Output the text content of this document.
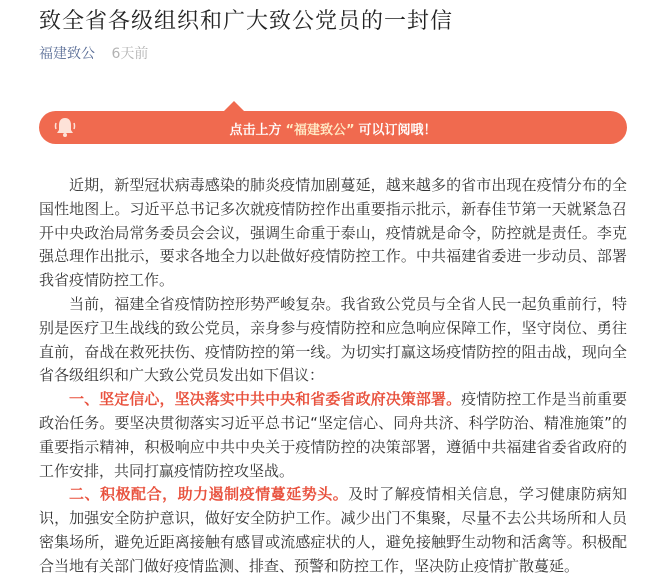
致全省各级组织和广大致公党员的一封信
福建致公 6天前
点击上方 “福建致公” 可以订阅哦！

近期，新型冠状病毒感染的肺炎疫情加剧蔓延，越来越多的省市出现在疫情分布的全国性地图上。习近平总书记多次就疫情防控作出重要指示批示，新春佳节第一天就紧急召开中央政治局常务委员会会议，强调生命重于泰山，疫情就是命令，防控就是责任。李克强总理作出批示，要求各地全力以赴做好疫情防控工作。中共福建省委进一步动员、部署我省疫情防控工作。

当前，福建全省疫情防控形势严峻复杂。我省致公党员与全省人民一起负重前行，特别是医疗卫生战线的致公党员，亲身参与疫情防控和应急响应保障工作，坚守岗位、勇往直前，奋战在救死扶伤、疫情防控的第一线。为切实打赢这场疫情防控的阻击战，现向全省各级组织和广大致公党员发出如下倡议：

一、坚定信心，坚决落实中共中央和省委省政府决策部署。疫情防控工作是当前重要政治任务。要坚决贯彻落实习近平总书记“坚定信心、同舟共济、科学防治、精准施策”的重要指示精神，积极响应中共中央关于疫情防控的决策部署，遵循中共福建省委省政府的工作安排，共同打赢疫情防控攻坚战。

二、积极配合，助力遏制疫情蔓延势头。及时了解疫情相关信息，学习健康防病知识，加强安全防护意识，做好安全防护工作。减少出门不集聚，尽量不去公共场所和人员密集场所，避免近距离接触有感冒或流感症状的人，避免接触野生动物和活禽等。积极配合当地有关部门做好疫情监测、排查、预警和防控工作，坚决防止疫情扩散蔓延。
